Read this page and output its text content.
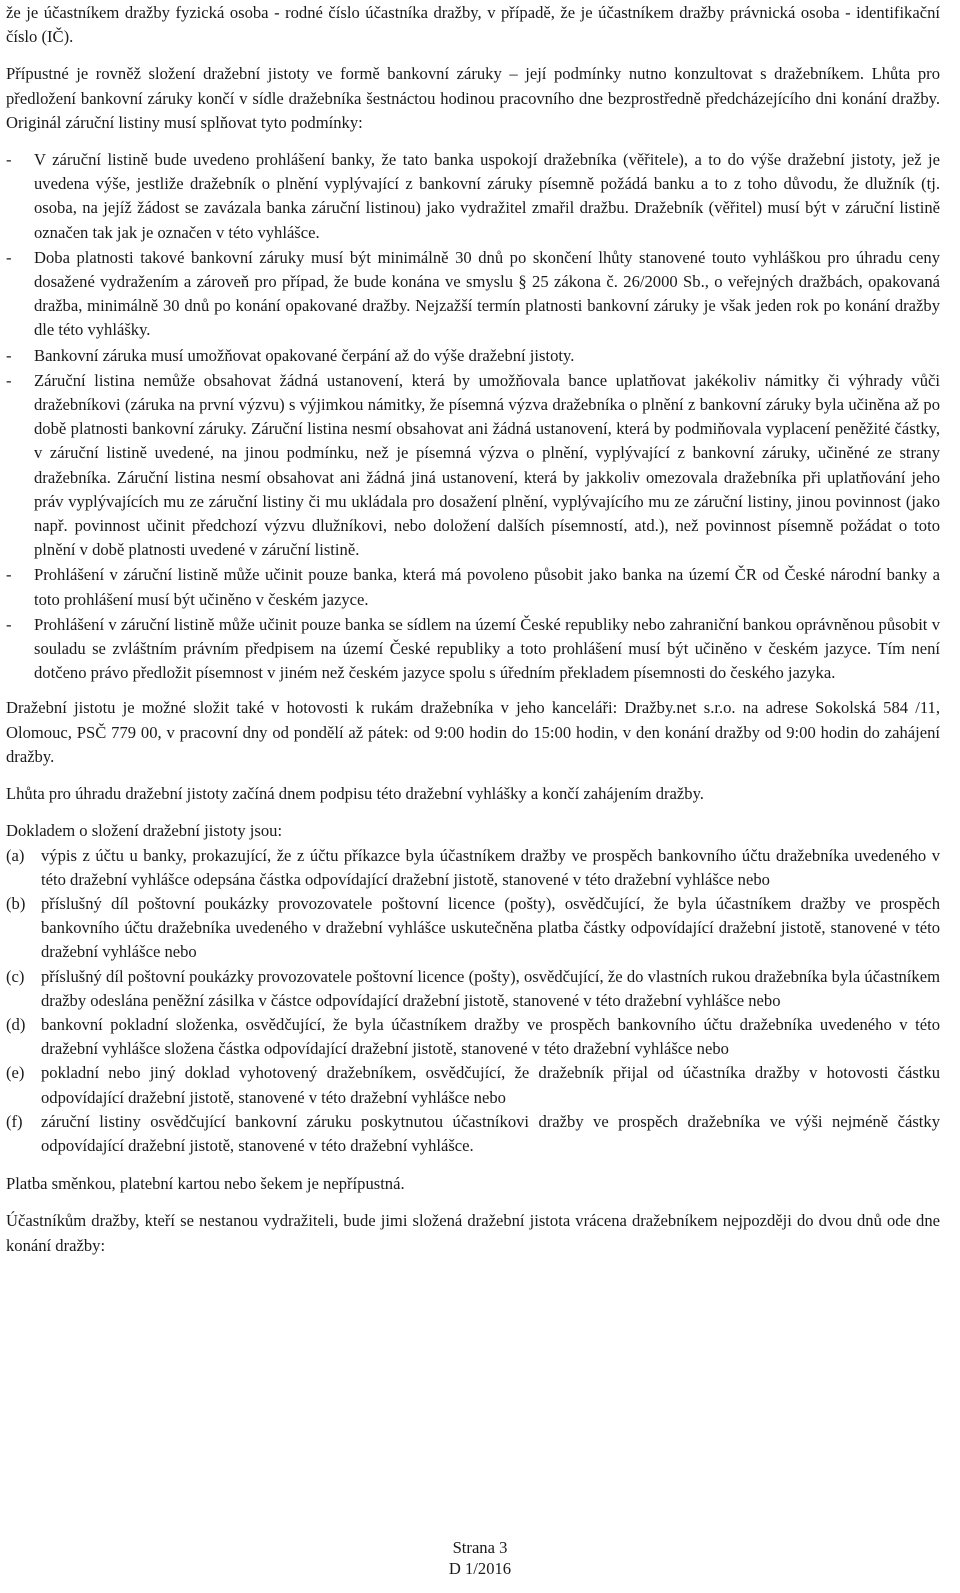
že je účastníkem dražby fyzická osoba - rodné číslo účastníka dražby, v případě, že je účastníkem dražby právnická osoba - identifikační číslo (IČ).

Přípustné je rovněž složení dražební jistoty ve formě bankovní záruky – její podmínky nutno konzultovat s dražebníkem. Lhůta pro předložení bankovní záruky končí v sídle dražebníka šestnáctou hodinou pracovního dne bezprostředně předcházejícího dni konání dražby. Originál záruční listiny musí splňovat tyto podmínky:

- V záruční listině bude uvedeno prohlášení banky, že tato banka uspokojí dražebníka (věřitele), a to do výše dražební jistoty, jež je uvedena výše, jestliže dražebník o plnění vyplývající z bankovní záruky písemně požádá banku a to z toho důvodu, že dlužník (tj. osoba, na jejíž žádost se zavázala banka záruční listinou) jako vydražitel zmařil dražbu. Dražebník (věřitel) musí být v záruční listině označen tak jak je označen v této vyhlášce.
- Doba platnosti takové bankovní záruky musí být minimálně 30 dnů po skončení lhůty stanovené touto vyhláškou pro úhradu ceny dosažené vydražením a zároveň pro případ, že bude konána ve smyslu § 25 zákona č. 26/2000 Sb., o veřejných dražbách, opakovaná dražba, minimálně 30 dnů po konání opakované dražby. Nejzažší termín platnosti bankovní záruky je však jeden rok po konání dražby dle této vyhlášky.
- Bankovní záruka musí umožňovat opakované čerpání až do výše dražební jistoty.
- Záruční listina nemůže obsahovat žádná ustanovení, která by umožňovala bance uplatňovat jakékoliv námitky či výhrady vůči dražebníkovi (záruka na první výzvu) s výjimkou námitky, že písemná výzva dražebníka o plnění z bankovní záruky byla učiněna až po době platnosti bankovní záruky. Záruční listina nesmí obsahovat ani žádná ustanovení, která by podmiňovala vyplacení peněžité částky, v záruční listině uvedené, na jinou podmínku, než je písemná výzva o plnění, vyplývající z bankovní záruky, učiněné ze strany dražebníka. Záruční listina nesmí obsahovat ani žádná jiná ustanovení, která by jakkoliv omezovala dražebníka při uplatňování jeho práv vyplývajících mu ze záruční listiny či mu ukládala pro dosažení plnění, vyplývajícího mu ze záruční listiny, jinou povinnost (jako např. povinnost učinit předchozí výzvu dlužníkovi, nebo doložení dalších písemností, atd.), než povinnost písemně požádat o toto plnění v době platnosti uvedené v záruční listině.
- Prohlášení v záruční listině může učinit pouze banka, která má povoleno působit jako banka na území ČR od České národní banky a toto prohlášení musí být učiněno v českém jazyce.
- Prohlášení v záruční listině může učinit pouze banka se sídlem na území České republiky nebo zahraniční bankou oprávněnou působit v souladu se zvláštním právním předpisem na území České republiky a toto prohlášení musí být učiněno v českém jazyce. Tím není dotčeno právo předložit písemnost v jiném než českém jazyce spolu s úředním překladem písemnosti do českého jazyka.

Dražební jistotu je možné složit také v hotovosti k rukám dražebníka v jeho kanceláři: Dražby.net s.r.o. na adrese Sokolská 584 /11, Olomouc, PSČ 779 00, v pracovní dny od pondělí až pátek: od 9:00 hodin do 15:00 hodin, v den konání dražby od 9:00 hodin do zahájení dražby.

Lhůta pro úhradu dražební jistoty začíná dnem podpisu této dražební vyhlášky a končí zahájením dražby.

Dokladem o složení dražební jistoty jsou:

(a) výpis z účtu u banky, prokazující, že z účtu příkazce byla účastníkem dražby ve prospěch bankovního účtu dražebníka uvedeného v této dražební vyhlášce odepsána částka odpovídající dražební jistotě, stanovené v této dražební vyhlášce nebo
(b) příslušný díl poštovní poukázky provozovatele poštovní licence (pošty), osvědčující, že byla účastníkem dražby ve prospěch bankovního účtu dražebníka uvedeného v dražební vyhlášce uskutečněna platba částky odpovídající dražební jistotě, stanovené v této dražební vyhlášce nebo
(c) příslušný díl poštovní poukázky provozovatele poštovní licence (pošty), osvědčující, že do vlastních rukou dražebníka byla účastníkem dražby odeslána peněžní zásilka v částce odpovídající dražební jistotě, stanovené v této dražební vyhlášce nebo
(d) bankovní pokladní složenka, osvědčující, že byla účastníkem dražby ve prospěch bankovního účtu dražebníka uvedeného v této dražební vyhlášce složena částka odpovídající dražební jistotě, stanovené v této dražební vyhlášce nebo
(e) pokladní nebo jiný doklad vyhotovený dražebníkem, osvědčující, že dražebník přijal od účastníka dražby v hotovosti částku odpovídající dražební jistotě, stanovené v této dražební vyhlášce nebo
(f) záruční listiny osvědčující bankovní záruku poskytnutou účastníkovi dražby ve prospěch dražebníka ve výši nejméně částky odpovídající dražební jistotě, stanovené v této dražební vyhlášce.

Platba směnkou, platební kartou nebo šekem je nepřípustná.

Účastníkům dražby, kteří se nestanou vydražiteli, bude jimi složená dražební jistota vrácena dražebníkem nejpozději do dvou dnů ode dne konání dražby:

Strana 3
D 1/2016
